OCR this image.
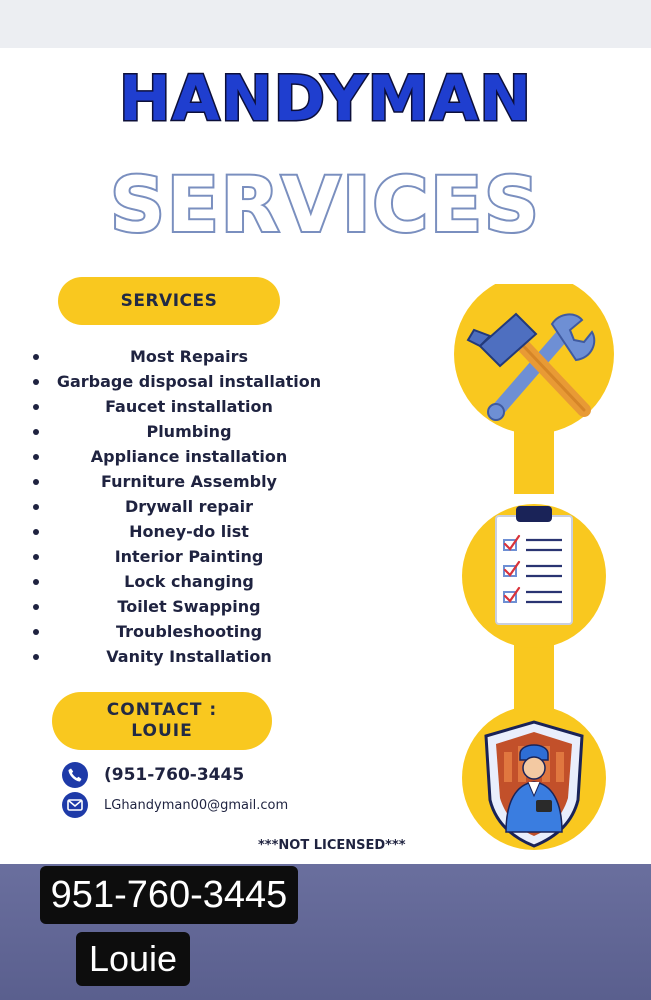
HANDYMAN
SERVICES
SERVICES
Most Repairs
Garbage disposal installation
Faucet installation
Plumbing
Appliance installation
Furniture Assembly
Drywall repair
Honey-do list
Interior Painting
Lock changing
Toilet Swapping
Troubleshooting
Vanity Installation
CONTACT :
LOUIE
(951-760-3445
LGhandyman00@gmail.com
***NOT LICENSED***
951-760-3445
Louie
